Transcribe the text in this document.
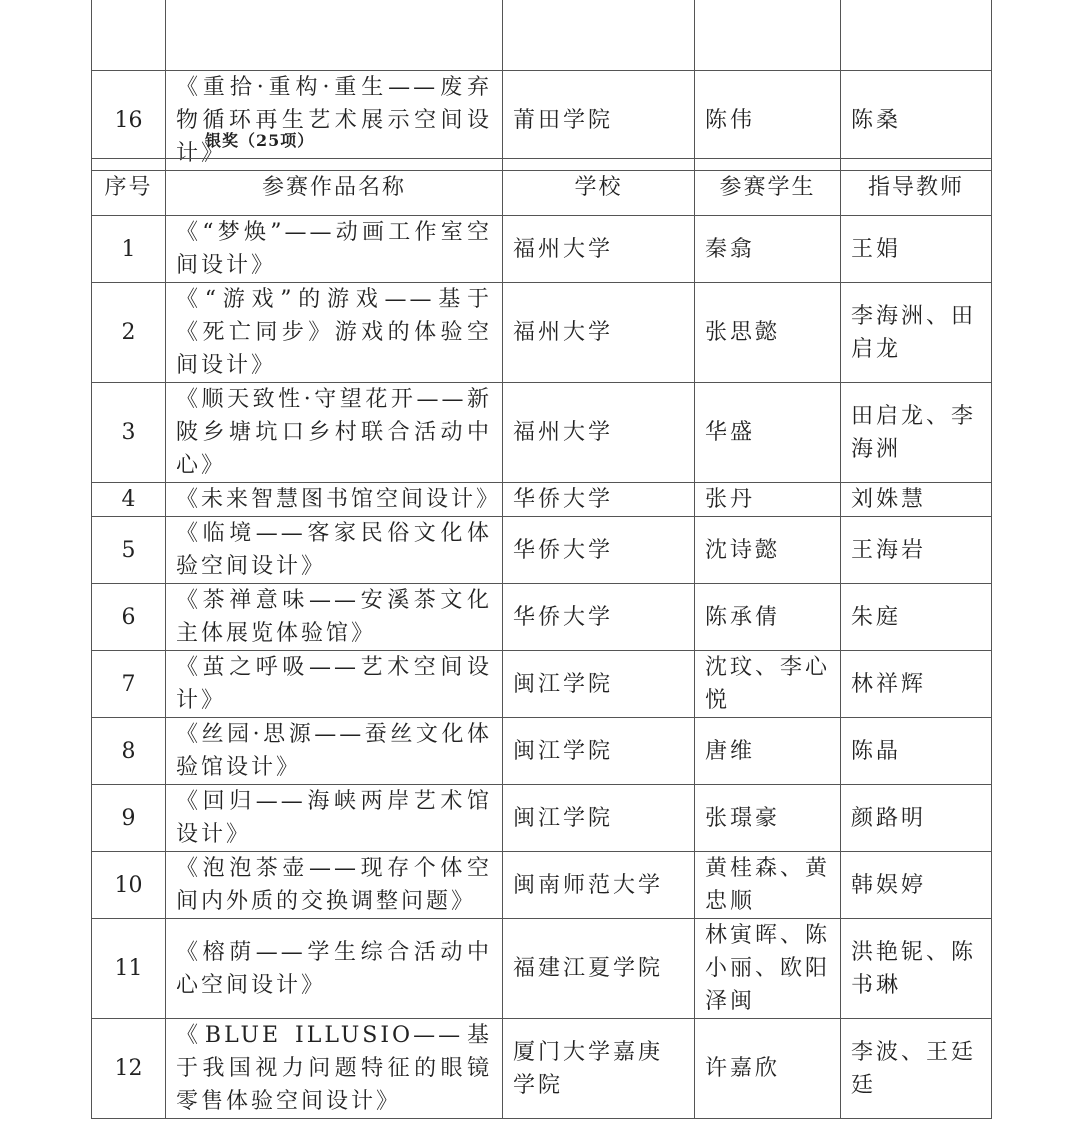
16	《重拾·重构·重生——废弃物循环再生艺术展示空间设计》	莆田学院	陈伟	陈桑
银奖（25项）
序号	参赛作品名称	学校	参赛学生	指导教师
1	《“梦焕”——动画工作室空间设计》	福州大学	秦翕	王娟
2	《“游戏”的游戏——基于《死亡同步》游戏的体验空间设计》	福州大学	张思懿	李海洲、田启龙
3	《顺天致性·守望花开——新陂乡塘坑口乡村联合活动中心》	福州大学	华盛	田启龙、李海洲
4	《未来智慧图书馆空间设计》	华侨大学	张丹	刘姝慧
5	《临境——客家民俗文化体验空间设计》	华侨大学	沈诗懿	王海岩
6	《茶禅意味——安溪茶文化主体展览体验馆》	华侨大学	陈承倩	朱庭
7	《茧之呼吸——艺术空间设计》	闽江学院	沈玟、李心悦	林祥辉
8	《丝园·思源——蚕丝文化体验馆设计》	闽江学院	唐维	陈晶
9	《回归——海峡两岸艺术馆设计》	闽江学院	张璟豪	颜路明
10	《泡泡茶壶——现存个体空间内外质的交换调整问题》	闽南师范大学	黄桂森、黄忠顺	韩娱婷
11	《榕荫——学生综合活动中心空间设计》	福建江夏学院	林寅晖、陈小丽、欧阳泽闽	洪艳铌、陈书琳
12	《BLUE ILLUSIO——基于我国视力问题特征的眼镜零售体验空间设计》	厦门大学嘉庚学院	许嘉欣	李波、王廷廷
